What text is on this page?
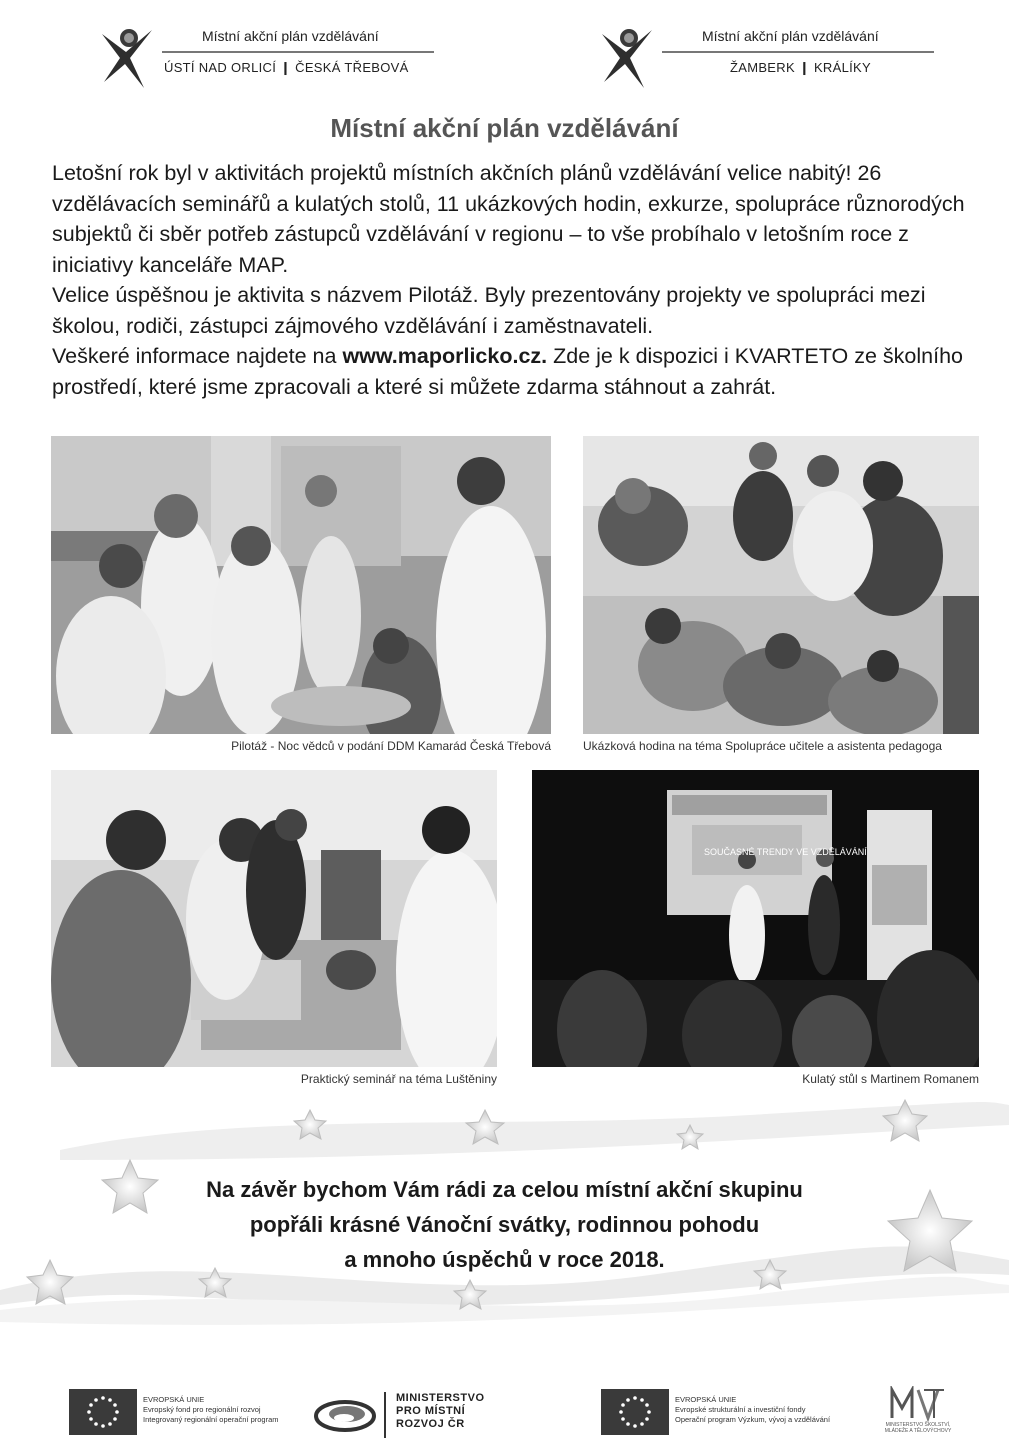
Místní akční plán vzdělávání
ÚSTÍ NAD ORLICÍ ❙ ČESKÁ TŘEBOVÁ
Místní akční plán vzdělávání
ŽAMBERK ❙ KRÁLÍKY
Místní akční plán vzdělávání

Letošní rok byl v aktivitách projektů místních akčních plánů vzdělávání velice nabitý! 26 vzdělávacích seminářů a kulatých stolů, 11 ukázkových hodin, exkurze, spolupráce různorodých subjektů či sběr potřeb zástupců vzdělávání v regionu – to vše probíhalo v letošním roce z iniciativy kanceláře MAP.

Velice úspěšnou je aktivita s názvem Pilotáž. Byly prezentovány projekty ve spolupráci mezi školou, rodiči, zástupci zájmového vzdělávání i zaměstnavateli.

Veškeré informace najdete na www.maporlicko.cz. Zde je k dispozici i KVARTETO ze školního prostředí, které jsme zpracovali a které si můžete zdarma stáhnout a zahrát.

Pilotáž - Noc vědců v podání DDM Kamarád Česká Třebová	Ukázková hodina na téma Spolupráce učitele a asistenta pedagoga
Praktický seminář na téma Luštěniny
SOUČASNÉ TRENDY VE VZDĚLÁVÁNÍ
Kulatý stůl s Martinem Romanem
Na závěr bychom Vám rádi za celou místní akční skupinu
popřáli krásné Vánoční svátky, rodinnou pohodu
a mnoho úspěchů v roce 2018.
EVROPSKÁ UNIE
Evropský fond pro regionální rozvoj
Integrovaný regionální operační program
MINISTERSTVO
PRO MÍSTNÍ
ROZVOJ ČR
EVROPSKÁ UNIE
Evropské strukturální a investiční fondy
Operační program Výzkum, vývoj a vzdělávání
MINISTERSTVO ŠKOLSTVÍ,
MLÁDEŽE A TĚLOVÝCHOVY
